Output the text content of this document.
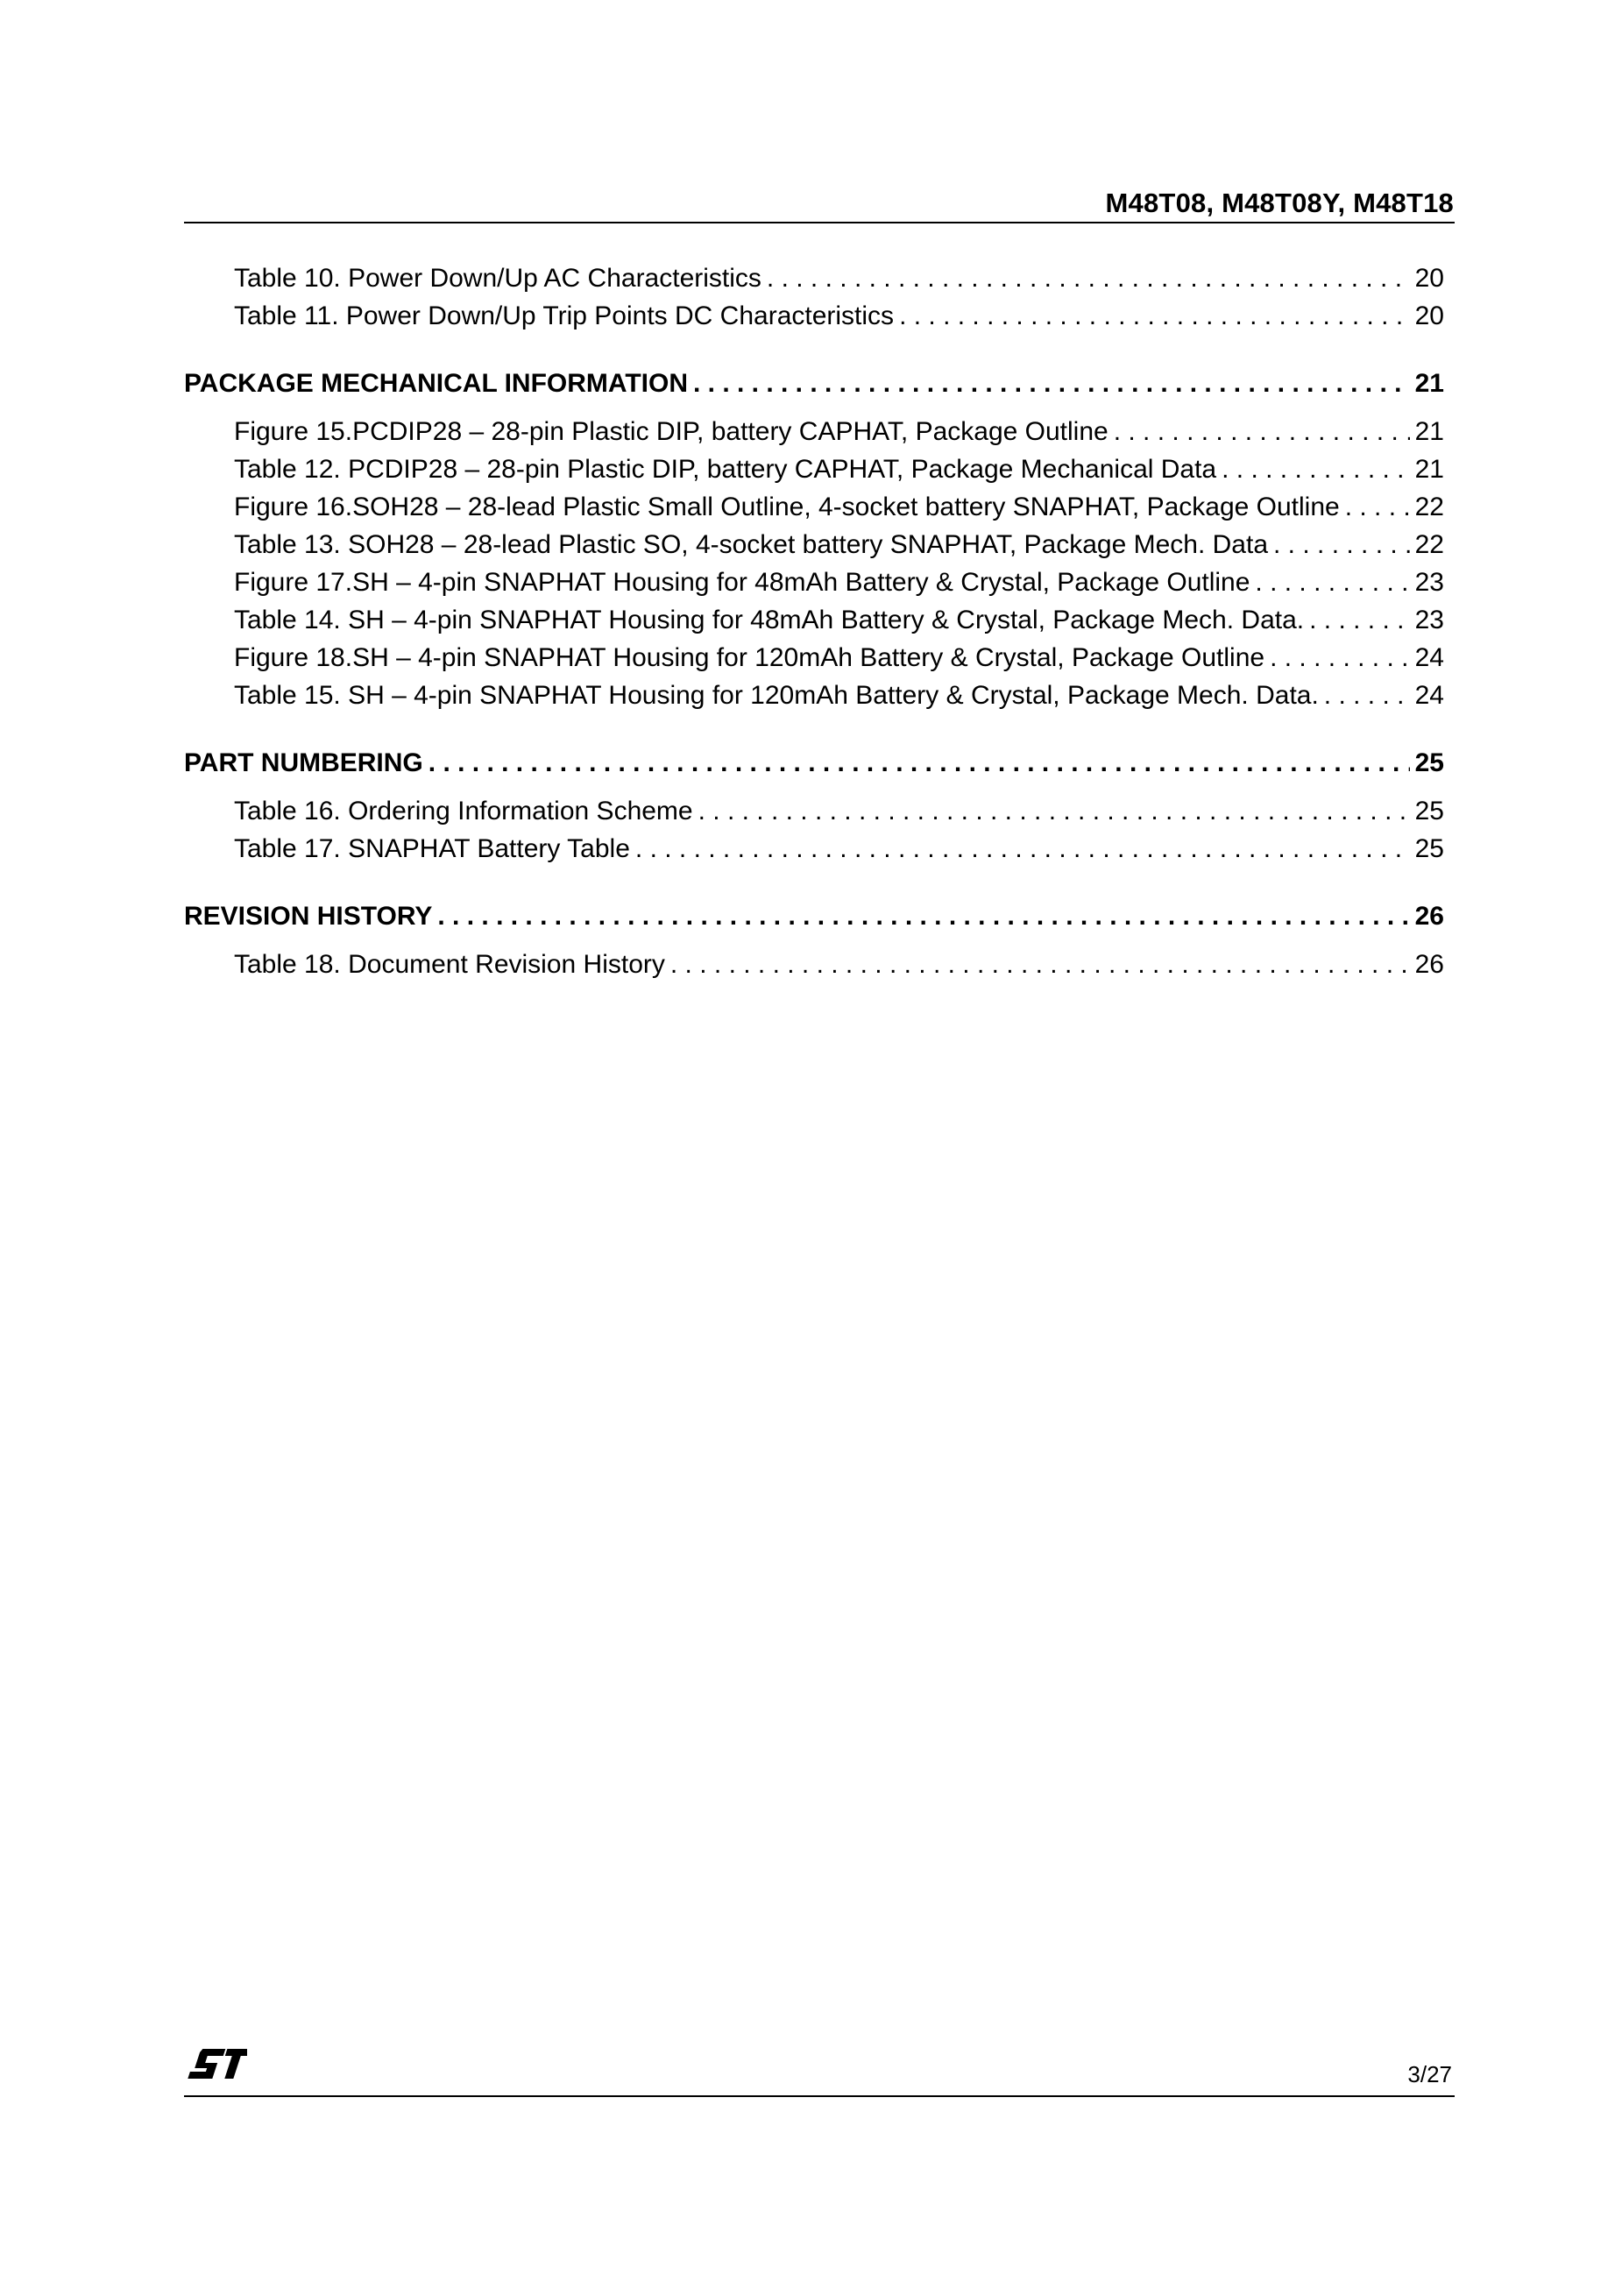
M48T08, M48T08Y, M48T18
Table 10. Power Down/Up AC Characteristics . . .	20
Table 11. Power Down/Up Trip Points DC Characteristics . . .	20
PACKAGE MECHANICAL INFORMATION . . .	21
Figure 15.PCDIP28 – 28-pin Plastic DIP, battery CAPHAT, Package Outline . . .	21
Table 12. PCDIP28 – 28-pin Plastic DIP, battery CAPHAT, Package Mechanical Data . . .	21
Figure 16.SOH28 – 28-lead Plastic Small Outline, 4-socket battery SNAPHAT, Package Outline . . .	22
Table 13. SOH28 – 28-lead Plastic SO, 4-socket battery SNAPHAT, Package Mech. Data . . .	22
Figure 17.SH – 4-pin SNAPHAT Housing for 48mAh Battery & Crystal, Package Outline . . .	23
Table 14. SH – 4-pin SNAPHAT Housing for 48mAh Battery & Crystal, Package Mech. Data. . . .	23
Figure 18.SH – 4-pin SNAPHAT Housing for 120mAh Battery & Crystal, Package Outline . . .	24
Table 15. SH – 4-pin SNAPHAT Housing for 120mAh Battery & Crystal, Package Mech. Data. . . .	24
PART NUMBERING . . .	25
Table 16. Ordering Information Scheme . . .	25
Table 17. SNAPHAT Battery Table . . .	25
REVISION HISTORY . . .	26
Table 18. Document Revision History . . .	26
3/27
